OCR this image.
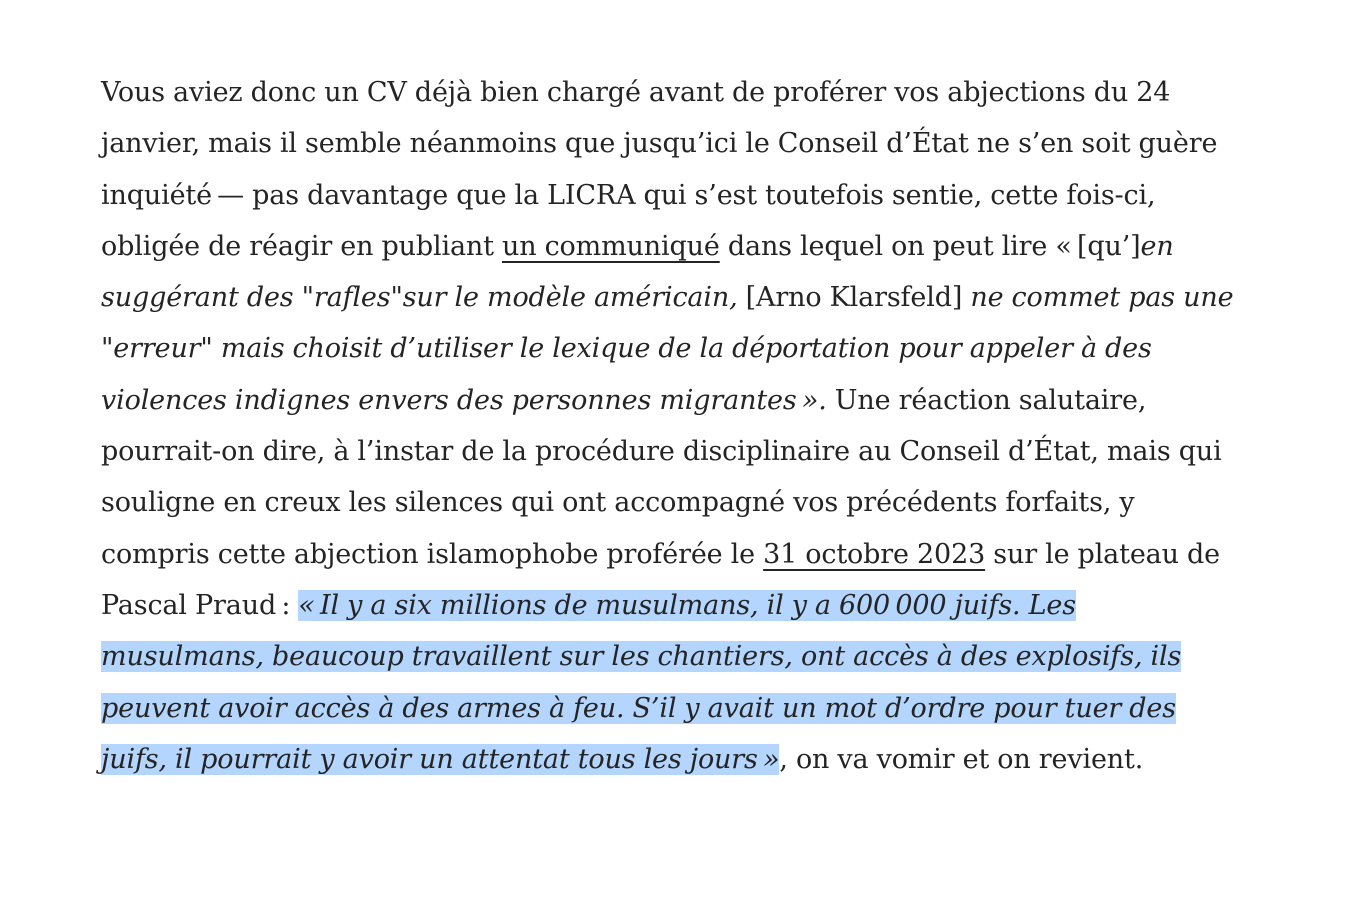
Vous aviez donc un CV déjà bien chargé avant de proférer vos abjections du 24 janvier, mais il semble néanmoins que jusqu’ici le Conseil d’État ne s’en soit guère inquiété — pas davantage que la LICRA qui s’est toutefois sentie, cette fois-ci, obligée de réagir en publiant un communiqué dans lequel on peut lire « [qu’]en suggérant des "rafles"sur le modèle américain, [Arno Klarsfeld] ne commet pas une "erreur" mais choisit d’utiliser le lexique de la déportation pour appeler à des violences indignes envers des personnes migrantes ». Une réaction salutaire, pourrait-on dire, à l’instar de la procédure disciplinaire au Conseil d’État, mais qui souligne en creux les silences qui ont accompagné vos précédents forfaits, y compris cette abjection islamophobe proférée le 31 octobre 2023 sur le plateau de Pascal Praud : « Il y a six millions de musulmans, il y a 600 000 juifs. Les musulmans, beaucoup travaillent sur les chantiers, ont accès à des explosifs, ils peuvent avoir accès à des armes à feu. S’il y avait un mot d’ordre pour tuer des juifs, il pourrait y avoir un attentat tous les jours », on va vomir et on revient.
